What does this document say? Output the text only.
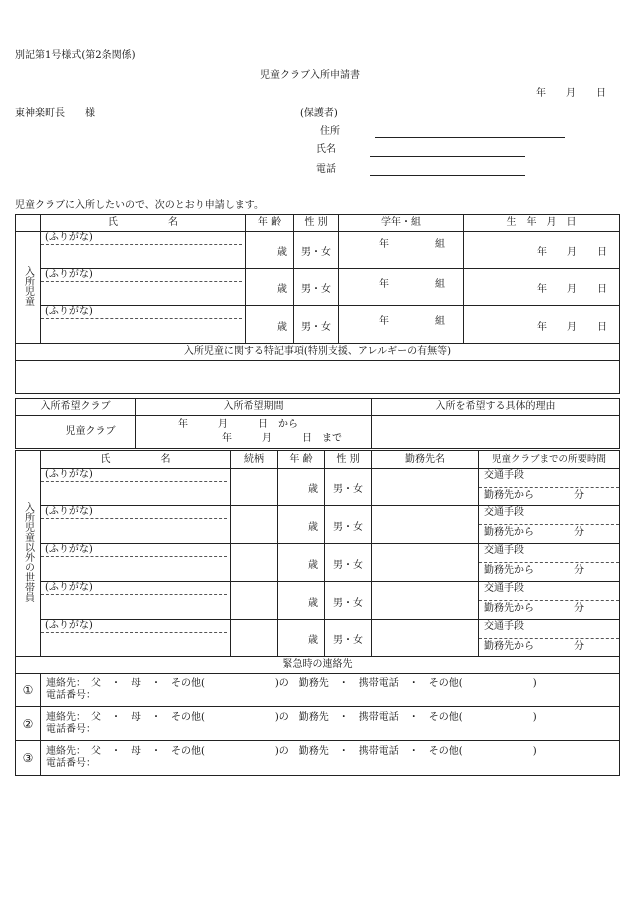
別記第1号様式(第2条関係)
児童クラブ入所申請書
年　　月　　日
東神楽町長　　様	(保護者)
住所
氏名
電話
児童クラブに入所したいので、次のとおり申請します。
	氏　　　　　名	年 齢	性 別	学年・組	生　年　月　日
入所児童	(ふりがな)	歳	男・女	年 組	年　　月　　日

	(ふりがな)	歳	男・女	年 組	年　　月　　日

	(ふりがな)	歳	男・女	年 組	年　　月　　日
入所児童に関する特記事項(特別支援、アレルギーの有無等)					

入所希望クラブ	入所希望期間	入所を希望する具体的理由
児童クラブ	年　　　月　　　日　から
年　　　月　　　日　まで	

入所児童以外の世帯員	氏　　　　　名	続柄	年 齢	性 別	勤務先名	児童クラブまでの所要時間

	(ふりがな)		歳	男・女		交通手段
勤務先から 分

	(ふりがな)		歳	男・女		交通手段
勤務先から 分

	(ふりがな)		歳	男・女		交通手段
勤務先から 分

	(ふりがな)		歳	男・女		交通手段
勤務先から 分

	(ふりがな)		歳	男・女		交通手段
勤務先から 分

緊急時の連絡先						
①	連絡先：　父　・　母　・　その他(　　　　　　　)の　勤務先　・　携帯電話　・　その他(　　　　　　　)
電話番号：					

②	連絡先：　父　・　母　・　その他(　　　　　　　)の　勤務先　・　携帯電話　・　その他(　　　　　　　)
電話番号：					

③	連絡先：　父　・　母　・　その他(　　　　　　　)の　勤務先　・　携帯電話　・　その他(　　　　　　　)
電話番号：					
